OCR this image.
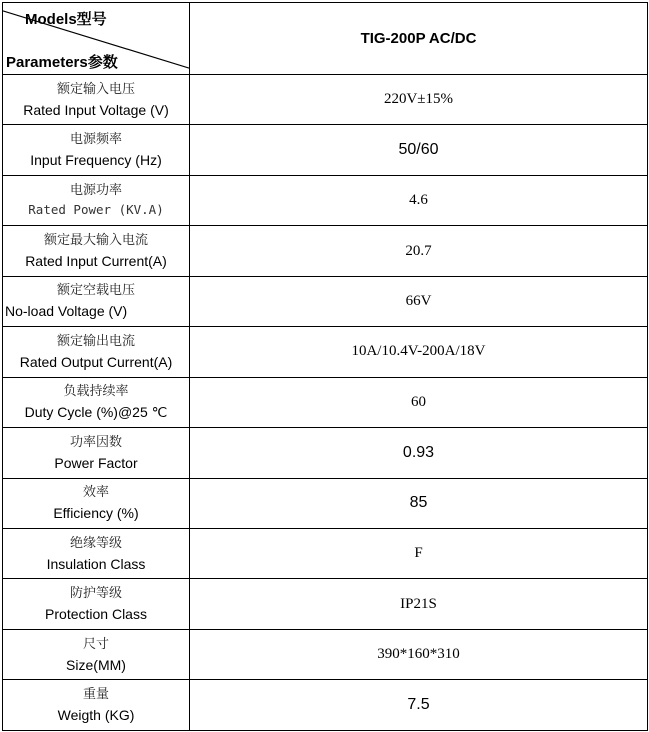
Models型号
Parameters参数	TIG-200P AC/DC

额定输入电压
Rated Input Voltage (V)	220V±15%

电源频率
Input Frequency (Hz)	50/60

电源功率
Rated Power (KV.A)	4.6

额定最大输入电流
Rated Input Current(A)	20.7

额定空载电压
No-load Voltage (V)	66V

额定输出电流
Rated Output Current(A)	10A/10.4V-200A/18V

负载持续率
Duty Cycle (%)@25 ℃	60

功率因数
Power Factor	0.93

效率
Efficiency (%)	85

绝缘等级
Insulation Class	F

防护等级
Protection Class	IP21S

尺寸
Size(MM)	390*160*310

重量
Weigth (KG)	7.5
